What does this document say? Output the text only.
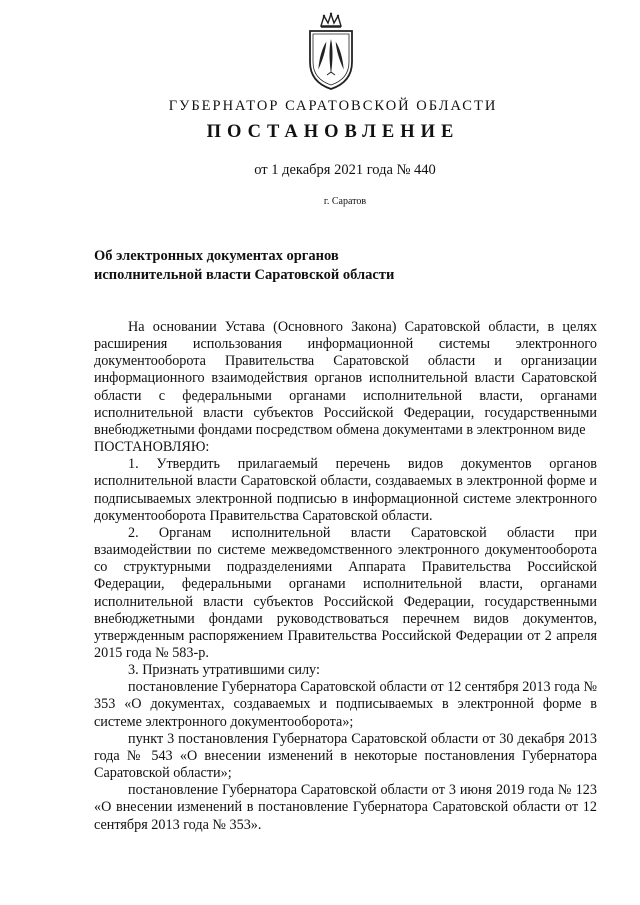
ГУБЕРНАТОР САРАТОВСКОЙ ОБЛАСТИ
ПОСТАНОВЛЕНИЕ
от 1 декабря 2021 года № 440
г. Саратов
Об электронных документах органов
исполнительной власти Саратовской области

На основании Устава (Основного Закона) Саратовской области, в целях расширения использования информационной системы электронного документооборота Правительства Саратовской области и организации информационного взаимодействия органов исполнительной власти Саратовской области с федеральными органами исполнительной власти, органами исполнительной власти субъектов Российской Федерации, государственными внебюджетными фондами посредством обмена документами в электронном виде

ПОСТАНОВЛЯЮ:

1. Утвердить прилагаемый перечень видов документов органов исполнительной власти Саратовской области, создаваемых в электронной форме и подписываемых электронной подписью в информационной системе электронного документооборота Правительства Саратовской области.

2. Органам исполнительной власти Саратовской области при взаимодействии по системе межведомственного электронного документооборота со структурными подразделениями Аппарата Правительства Российской Федерации, федеральными органами исполнительной власти, органами исполнительной власти субъектов Российской Федерации, государственными внебюджетными фондами руководствоваться перечнем видов документов, утвержденным распоряжением Правительства Российской Федерации от 2 апреля 2015 года № 583-р.

3. Признать утратившими силу:

постановление Губернатора Саратовской области от 12 сентября 2013 года № 353 «О документах, создаваемых и подписываемых в электронной форме в системе электронного документооборота»;

пункт 3 постановления Губернатора Саратовской области от 30 декабря 2013 года № 543 «О внесении изменений в некоторые постановления Губернатора Саратовской области»;

постановление Губернатора Саратовской области от 3 июня 2019 года № 123 «О внесении изменений в постановление Губернатора Саратовской области от 12 сентября 2013 года № 353».
